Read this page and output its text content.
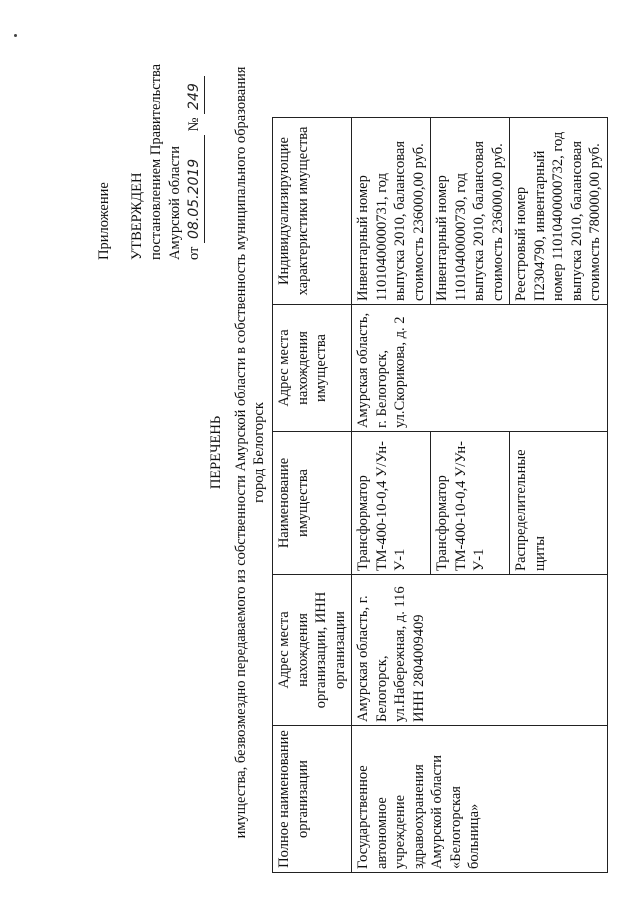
Приложение УТВЕРЖДЕН постановлением Правительства Амурской области от 08.05.2019 № 249
ПЕРЕЧЕНЬ имущества, безвозмездно передаваемого из собственности Амурской области в собственность муниципального образования город Белогорск
Полное наименование организации	Адрес места нахождения организации, ИНН организации	Наименование имущества	Адрес места нахождения имущества	Индивидуализирующие характеристики имущества
Государственное автономное учреждение здравоохранения Амурской области «Белогорская больница»	Амурская область, г. Белогорск, ул.Набережная, д. 116 ИНН 2804009409	Трансформатор ТМ-400-10-0,4 У/Ун-У-1	Амурская область, г. Белогорск, ул.Скорикова, д. 2	Инвентарный номер 11010400000731, год выпуска 2010, балансовая стоимость 236000,00 руб.
		Трансформатор ТМ-400-10-0,4 У/Ун-У-1		Инвентарный номер 11010400000730, год выпуска 2010, балансовая стоимость 236000,00 руб.
		Распределительные щиты		Реестровый номер П2304790, инвентарный номер 11010400000732, год выпуска 2010, балансовая стоимость 780000,00 руб.
